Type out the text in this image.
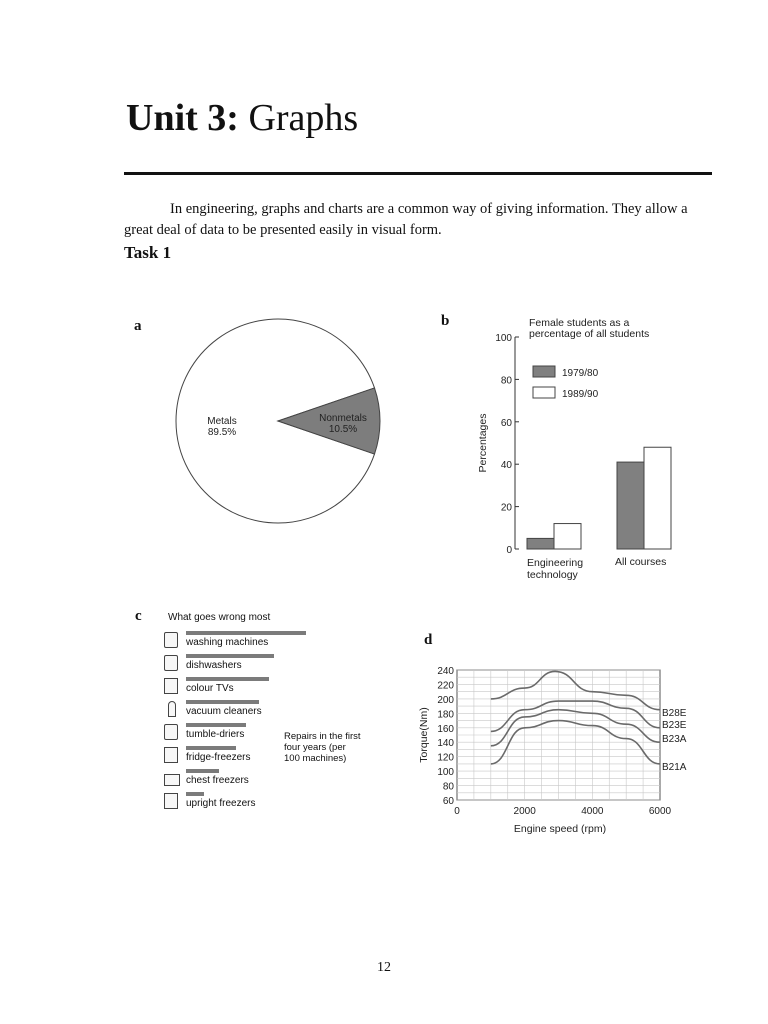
Unit 3: Graphs
In engineering, graphs and charts are a common way of giving information. They allow a great deal of data to be presented easily in visual form.
Task 1
a
Metals
89.5%
Nonmetals
10.5%
b
0
20
40
60
80
100
Female students as a
percentage of all students
Percentages
1979/80
1989/90
Engineering
technology
All courses
c	What goes wrong most
washing machines
dishwashers
colour TVs
vacuum cleaners
tumble-driers
fridge-freezers
chest freezers
upright freezers
Repairs in the first four years (per 100 machines)
d
60
80
100
120
140
160
180
200
220
240
0	2000	4000	6000
Engine speed (rpm)
Torque(Nm)	B28E
B23E
B23A
B21A
12
